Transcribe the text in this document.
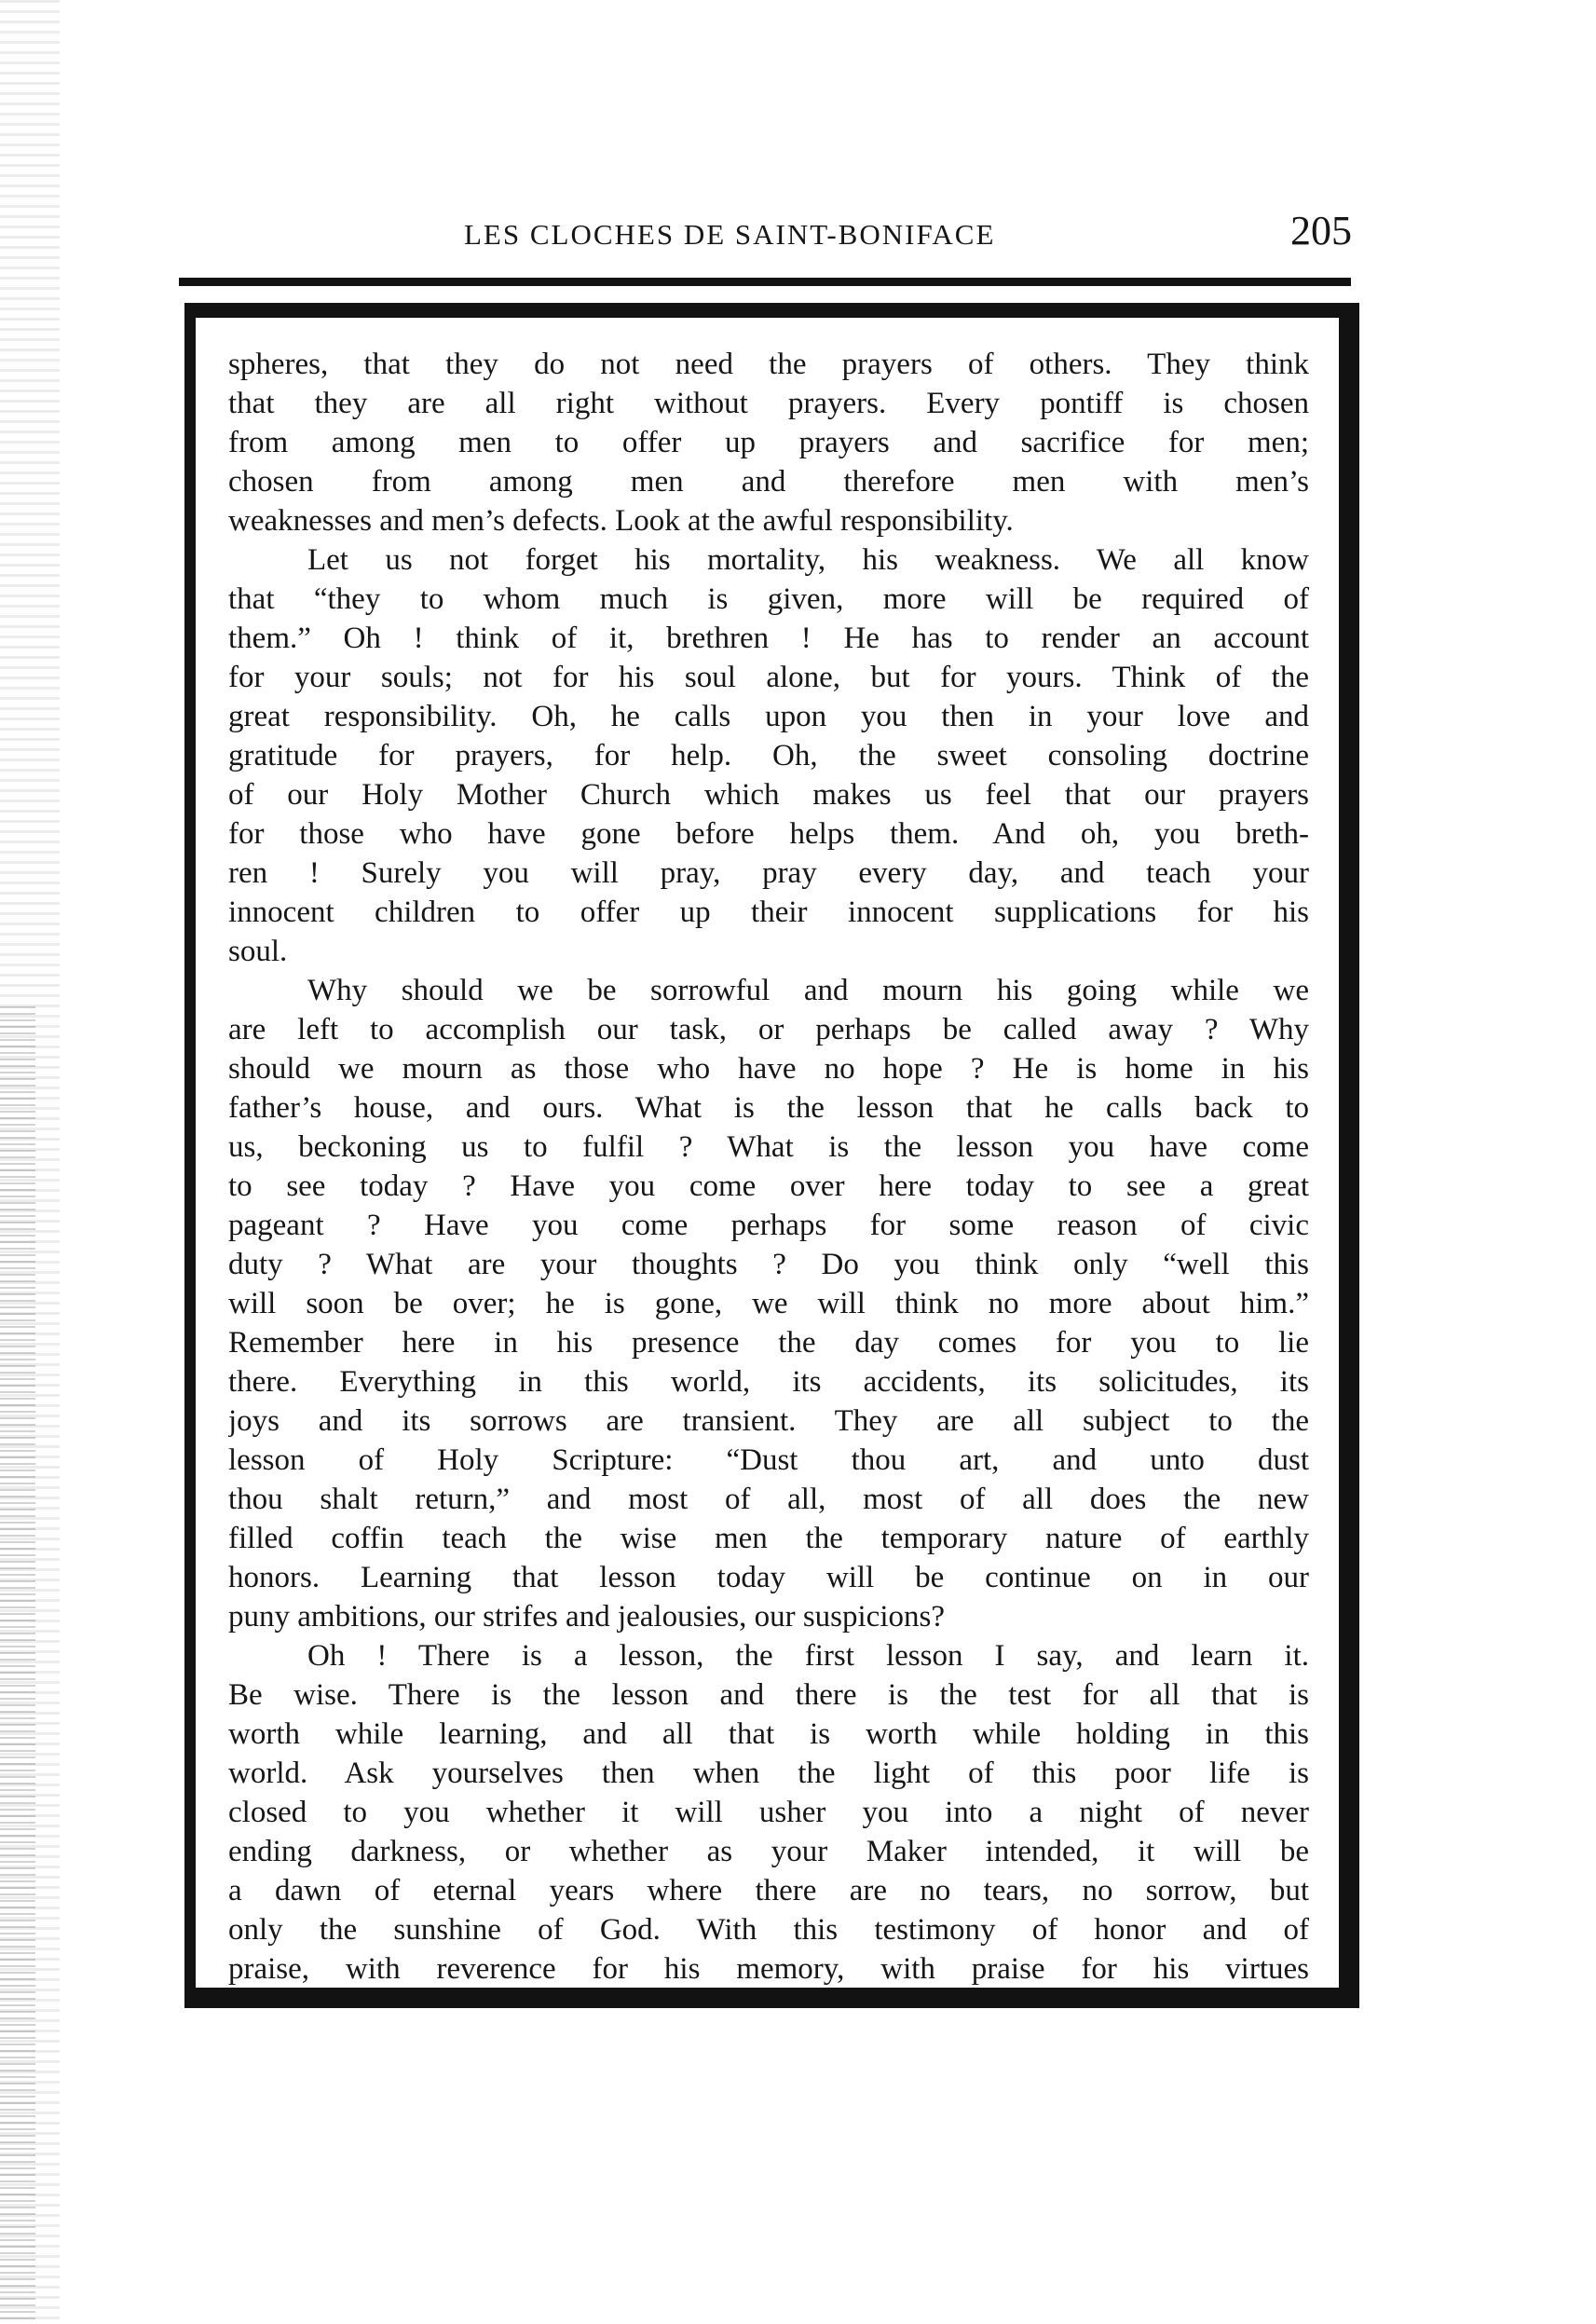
LES CLOCHES DE SAINT-BONIFACE	205
spheres, that they do not need the prayers of others. They think
that they are all right without prayers. Every pontiff is chosen
from among men to offer up prayers and sacrifice for men;
chosen from among men and therefore men with men’s
weaknesses and men’s defects. Look at the awful responsibility.
Let us not forget his mortality, his weakness. We all know
that “they to whom much is given, more will be required of
them.” Oh ! think of it, brethren ! He has to render an account
for your souls; not for his soul alone, but for yours. Think of the
great responsibility. Oh, he calls upon you then in your love and
gratitude for prayers, for help. Oh, the sweet consoling doctrine
of our Holy Mother Church which makes us feel that our prayers
for those who have gone before helps them. And oh, you breth-
ren ! Surely you will pray, pray every day, and teach your
innocent children to offer up their innocent supplications for his
soul.
Why should we be sorrowful and mourn his going while we
are left to accomplish our task, or perhaps be called away ? Why
should we mourn as those who have no hope ? He is home in his
father’s house, and ours. What is the lesson that he calls back to
us, beckoning us to fulfil ? What is the lesson you have come
to see today ? Have you come over here today to see a great
pageant ? Have you come perhaps for some reason of civic
duty ? What are your thoughts ? Do you think only “well this
will soon be over; he is gone, we will think no more about him.”
Remember here in his presence the day comes for you to lie
there. Everything in this world, its accidents, its solicitudes, its
joys and its sorrows are transient. They are all subject to the
lesson of Holy Scripture: “Dust thou art, and unto dust
thou shalt return,” and most of all, most of all does the new
filled coffin teach the wise men the temporary nature of earthly
honors. Learning that lesson today will be continue on in our
puny ambitions, our strifes and jealousies, our suspicions?
Oh ! There is a lesson, the first lesson I say, and learn it.
Be wise. There is the lesson and there is the test for all that is
worth while learning, and all that is worth while holding in this
world. Ask yourselves then when the light of this poor life is
closed to you whether it will usher you into a night of never
ending darkness, or whether as your Maker intended, it will be
a dawn of eternal years where there are no tears, no sorrow, but
only the sunshine of God. With this testimony of honor and of
praise, with reverence for his memory, with praise for his virtues
